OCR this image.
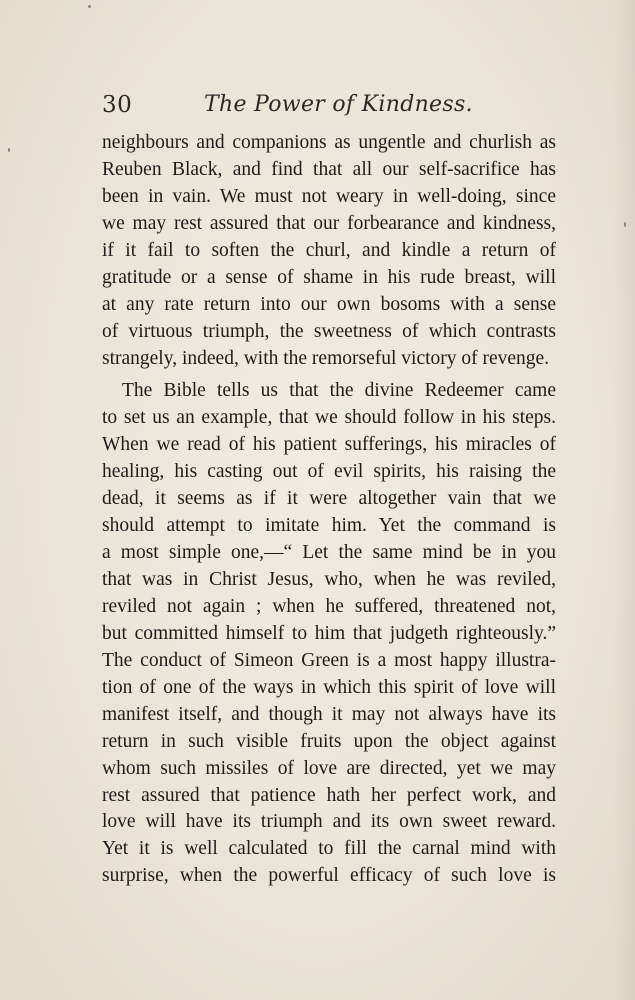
30	The Power of Kindness.
neighbours and companions as ungentle and churlish as
Reuben Black, and find that all our self-sacrifice has
been in vain. We must not weary in well-doing, since
we may rest assured that our forbearance and kindness,
if it fail to soften the churl, and kindle a return of
gratitude or a sense of shame in his rude breast, will
at any rate return into our own bosoms with a sense
of virtuous triumph, the sweetness of which contrasts
strangely, indeed, with the remorseful victory of revenge.
The Bible tells us that the divine Redeemer came
to set us an example, that we should follow in his steps.
When we read of his patient sufferings, his miracles of
healing, his casting out of evil spirits, his raising the
dead, it seems as if it were altogether vain that we
should attempt to imitate him. Yet the command is
a most simple one,—“ Let the same mind be in you
that was in Christ Jesus, who, when he was reviled,
reviled not again ; when he suffered, threatened not,
but committed himself to him that judgeth righteously.”
The conduct of Simeon Green is a most happy illustra-
tion of one of the ways in which this spirit of love will
manifest itself, and though it may not always have its
return in such visible fruits upon the object against
whom such missiles of love are directed, yet we may
rest assured that patience hath her perfect work, and
love will have its triumph and its own sweet reward.
Yet it is well calculated to fill the carnal mind with
surprise, when the powerful efficacy of such love is
